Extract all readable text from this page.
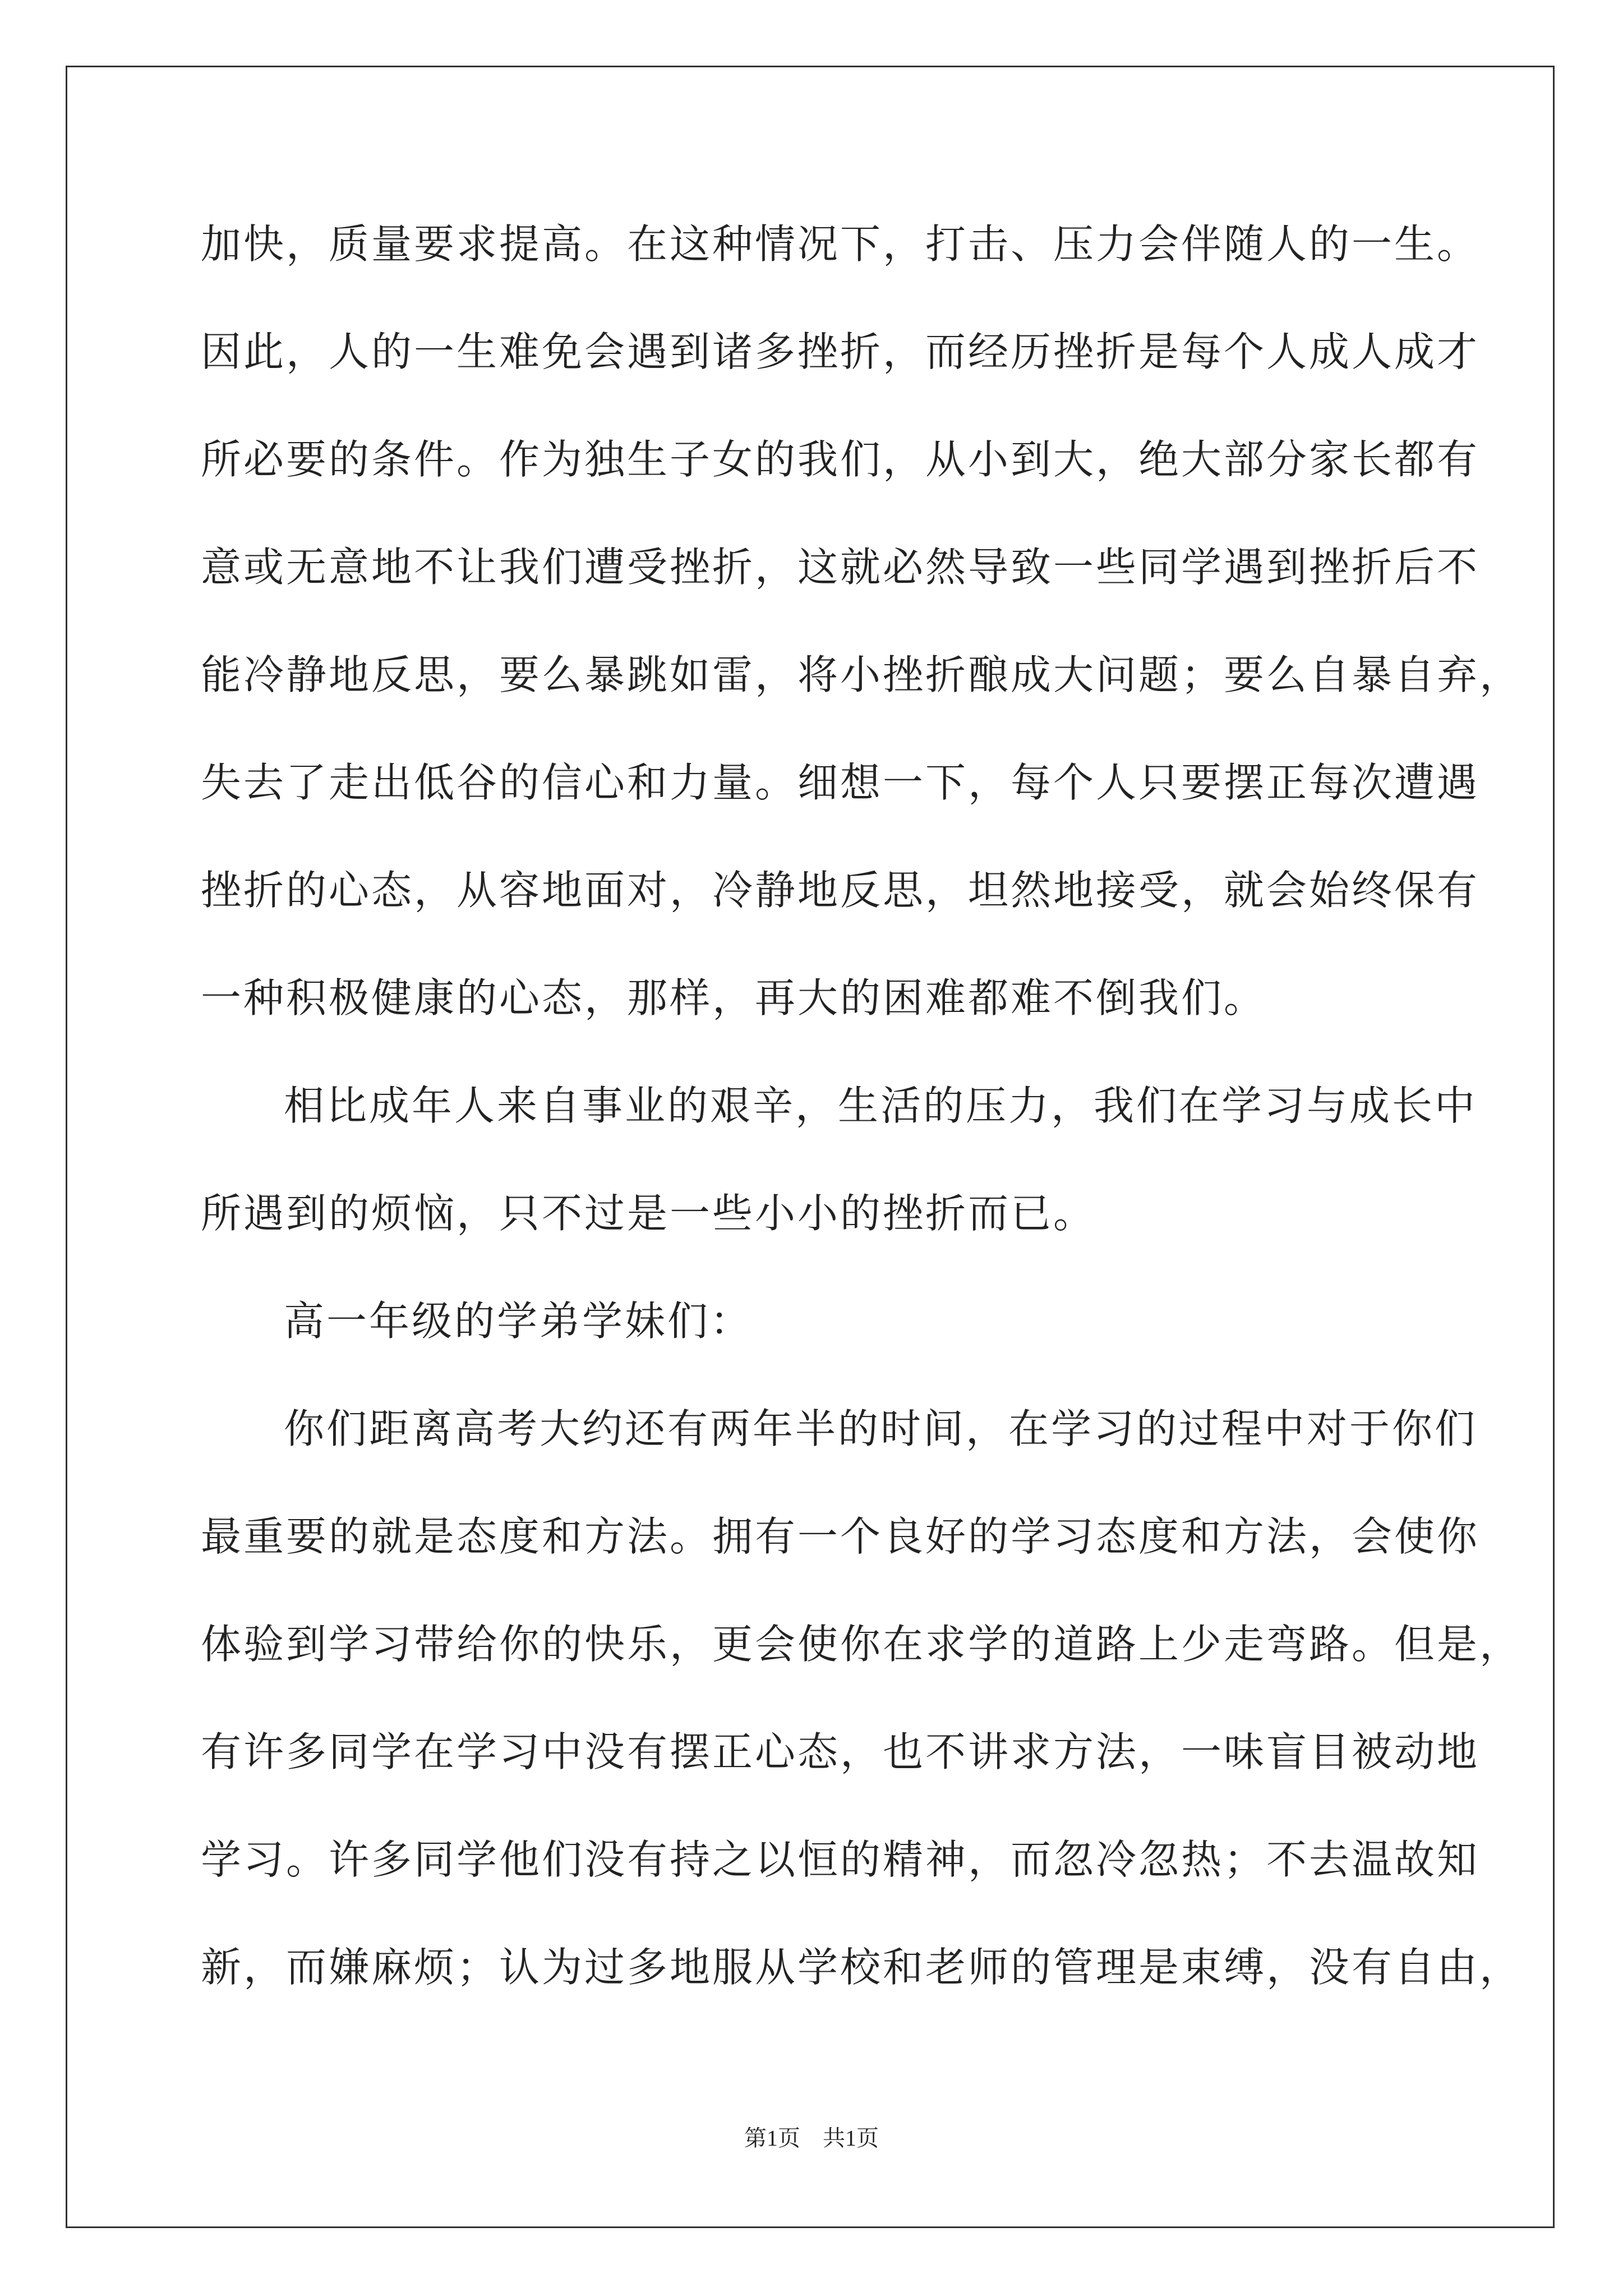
加快，质量要求提高。在这种情况下，打击、压力会伴随人的一生。
因此，人的一生难免会遇到诸多挫折，而经历挫折是每个人成人成才
所必要的条件。作为独生子女的我们，从小到大，绝大部分家长都有
意或无意地不让我们遭受挫折，这就必然导致一些同学遇到挫折后不
能冷静地反思，要么暴跳如雷，将小挫折酿成大问题；要么自暴自弃，
失去了走出低谷的信心和力量。细想一下，每个人只要摆正每次遭遇
挫折的心态，从容地面对，冷静地反思，坦然地接受，就会始终保有
一种积极健康的心态，那样，再大的困难都难不倒我们。
相比成年人来自事业的艰辛，生活的压力，我们在学习与成长中
所遇到的烦恼，只不过是一些小小的挫折而已。
高一年级的学弟学妹们：
你们距离高考大约还有两年半的时间，在学习的过程中对于你们
最重要的就是态度和方法。拥有一个良好的学习态度和方法，会使你
体验到学习带给你的快乐，更会使你在求学的道路上少走弯路。但是，
有许多同学在学习中没有摆正心态，也不讲求方法，一味盲目被动地
学习。许多同学他们没有持之以恒的精神，而忽冷忽热；不去温故知
新，而嫌麻烦；认为过多地服从学校和老师的管理是束缚，没有自由，
第1页 共1页
